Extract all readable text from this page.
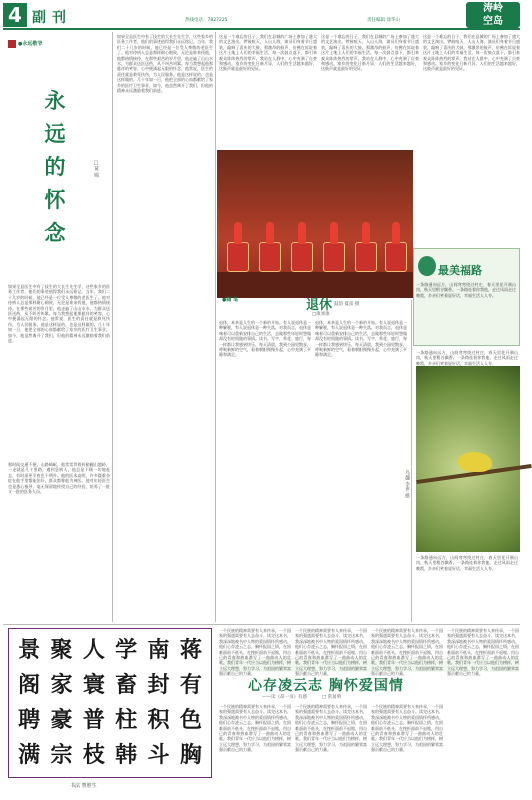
4 副刊	热线电话：7827225	责任编辑 徐华山
涛岭
空岛
●永远敬爷
永远的怀念
□黄 锦
如果全县医生中有了技生的大长生先生学，这些家乡的医务工作者，他们的事迹值得我们永远铭记。当年，我们二十几岁的时候，他已经是一位受人尊敬的老医生了。他对待病人总是那样耐心细致，无论是谁来找他，他都热情接待。在那些艰苦的岁月里，他走遍了山山水水，为群众送医送药，从不叫苦叫累。每当我想起他那慈祥的笑容，心中便涌起无限的怀念。他常说，医生的责任就是救死扶伤，为人民服务。他是这样说的，也是这样做的。几十年如一日，他把全部的心血都献给了家乡的医疗卫生事业。如今，他虽然离开了我们，但他的精神永远激励着我们前进。
那时候交通不便，山路崎岖，他常常背着药箱翻山越岭，一走就是几十里路。遇到急病人，他总是不顾一切地赶去，有时深更半夜也不例外。他的医术高明，许多疑难杂症在他手里都能治好，群众都称他为神医。他对年轻医生也是悉心指导，毫无保留地传授自己的经验，培养了一批又一批的医务人员。
如果全县医生中有了技生的大长生先生学，这些家乡的医务工作者，他们的事迹值得我们永远铭记。当年，我们二十几岁的时候，他已经是一位受人尊敬的老医生了。他对待病人总是那样耐心细致，无论是谁来找他，他都热情接待。在那些艰苦的岁月里，他走遍了山山水水，为群众送医送药，从不叫苦叫累。每当我想起他那慈祥的笑容，心中便涌起无限的怀念。他常说，医生的责任就是救死扶伤，为人民服务。他是这样说的，也是这样做的。几十年如一日，他把全部的心血都献给了家乡的医疗卫生事业。如今，他虽然离开了我们，但他的精神永远激励着我们前进。
这是一个难忘的日子，我们在县城的广场上参加了盛大的文艺演出。锣鼓喧天，人山人海，演员们身着节日盛装，敲响了喜庆的大鼓。那激昂的鼓声，仿佛在诉说着这片土地上人们的幸福生活。每一次鼓点落下，都引来观众阵阵热烈的掌声。我站在人群中，心中充满了自豪和感动。家乡的变化日新月异，人们的生活越来越好，这鼓声就是最好的见证。
这是一个难忘的日子，我们在县城的广场上参加了盛大的文艺演出。锣鼓喧天，人山人海，演员们身着节日盛装，敲响了喜庆的大鼓。那激昂的鼓声，仿佛在诉说着这片土地上人们的幸福生活。每一次鼓点落下，都引来观众阵阵热烈的掌声。我站在人群中，心中充满了自豪和感动。家乡的变化日新月异，人们的生活越来越好，这鼓声就是最好的见证。
这是一个难忘的日子，我们在县城的广场上参加了盛大的文艺演出。锣鼓喧天，人山人海，演员们身着节日盛装，敲响了喜庆的大鼓。那激昂的鼓声，仿佛在诉说着这片土地上人们的幸福生活。每一次鼓点落下，都引来观众阵阵热烈的掌声。我站在人群中，心中充满了自豪和感动。家乡的变化日新月异，人们的生活越来越好，这鼓声就是最好的见证。
鼓韵 夏雷 摄
最美福路
一条路通向远方，山间弯弯绕过村庄，春天里花开满山岗，秋天里稻谷飘香。一条路连着你我他，走过风雨走过晚霞，乡亲们笑着说好话，幸福生活人人夸。
●随 笔	退休
□康承康
退休，本来是人生的一个新的开始。有人说退休是一种解脱，有人说退休是一种失落。对我而言，退休意味着可以重新安排自己的生活，去做那些年轻时想做却没有时间做的事情。读书、写字、养花、旅行，每一样都让我感到快乐。每天清晨，我到公园里散步，呼吸新鲜的空气，看着朝阳慢慢升起，心中充满了平静和满足。
退休，本来是人生的一个新的开始。有人说退休是一种解脱，有人说退休是一种失落。对我而言，退休意味着可以重新安排自己的生活，去做那些年轻时想做却没有时间做的事情。读书、写字、养花、旅行，每一样都让我感到快乐。每天清晨，我到公园里散步，呼吸新鲜的空气，看着朝阳慢慢升起，心中充满了平静和满足。	一条路通向远方，山间弯弯绕过村庄，春天里花开满山岗，秋天里稻谷飘香。一条路连着你我他，走过风雨走过晚霞，乡亲们笑着说好话，幸福生活人人夸。
一条路通向远方，山间弯弯绕过村庄，春天里花开满山岗，秋天里稻谷飘香。一条路连着你我他，走过风雨走过晚霞，乡亲们笑着说好话，幸福生活人人夸。
鸟趣 李世 摄
景 聚 人 学 南 蒋
阁 家 寰 畜 封 有
聘 豪 普 柱 积 色
满 宗 枝 韩 斗 胸
书法 曹胜生
心存凌云志 胸怀爱国情
——读《昂一书》有感	□ 常易明
一个民族的精神需要有人来传承，一个国家的强盛需要有人去奋斗。读完这本书，我深深地被书中人物的爱国情怀所感动。他们心存凌云之志，胸怀报国之情，在困难面前不低头，在挫折面前不退缩，用自己的青春和热血谱写了一曲曲动人的壮歌。我们青年一代应当以他们为榜样，树立远大理想，努力学习，为祖国的繁荣富强贡献自己的力量。
一个民族的精神需要有人来传承，一个国家的强盛需要有人去奋斗。读完这本书，我深深地被书中人物的爱国情怀所感动。他们心存凌云之志，胸怀报国之情，在困难面前不低头，在挫折面前不退缩，用自己的青春和热血谱写了一曲曲动人的壮歌。我们青年一代应当以他们为榜样，树立远大理想，努力学习，为祖国的繁荣富强贡献自己的力量。
一个民族的精神需要有人来传承，一个国家的强盛需要有人去奋斗。读完这本书，我深深地被书中人物的爱国情怀所感动。他们心存凌云之志，胸怀报国之情，在困难面前不低头，在挫折面前不退缩，用自己的青春和热血谱写了一曲曲动人的壮歌。我们青年一代应当以他们为榜样，树立远大理想，努力学习，为祖国的繁荣富强贡献自己的力量。
一个民族的精神需要有人来传承，一个国家的强盛需要有人去奋斗。读完这本书，我深深地被书中人物的爱国情怀所感动。他们心存凌云之志，胸怀报国之情，在困难面前不低头，在挫折面前不退缩，用自己的青春和热血谱写了一曲曲动人的壮歌。我们青年一代应当以他们为榜样，树立远大理想，努力学习，为祖国的繁荣富强贡献自己的力量。
一个民族的精神需要有人来传承，一个国家的强盛需要有人去奋斗。读完这本书，我深深地被书中人物的爱国情怀所感动。他们心存凌云之志，胸怀报国之情，在困难面前不低头，在挫折面前不退缩，用自己的青春和热血谱写了一曲曲动人的壮歌。我们青年一代应当以他们为榜样，树立远大理想，努力学习，为祖国的繁荣富强贡献自己的力量。
一个民族的精神需要有人来传承，一个国家的强盛需要有人去奋斗。读完这本书，我深深地被书中人物的爱国情怀所感动。他们心存凌云之志，胸怀报国之情，在困难面前不低头，在挫折面前不退缩，用自己的青春和热血谱写了一曲曲动人的壮歌。我们青年一代应当以他们为榜样，树立远大理想，努力学习，为祖国的繁荣富强贡献自己的力量。
一个民族的精神需要有人来传承，一个国家的强盛需要有人去奋斗。读完这本书，我深深地被书中人物的爱国情怀所感动。他们心存凌云之志，胸怀报国之情，在困难面前不低头，在挫折面前不退缩，用自己的青春和热血谱写了一曲曲动人的壮歌。我们青年一代应当以他们为榜样，树立远大理想，努力学习，为祖国的繁荣富强贡献自己的力量。
